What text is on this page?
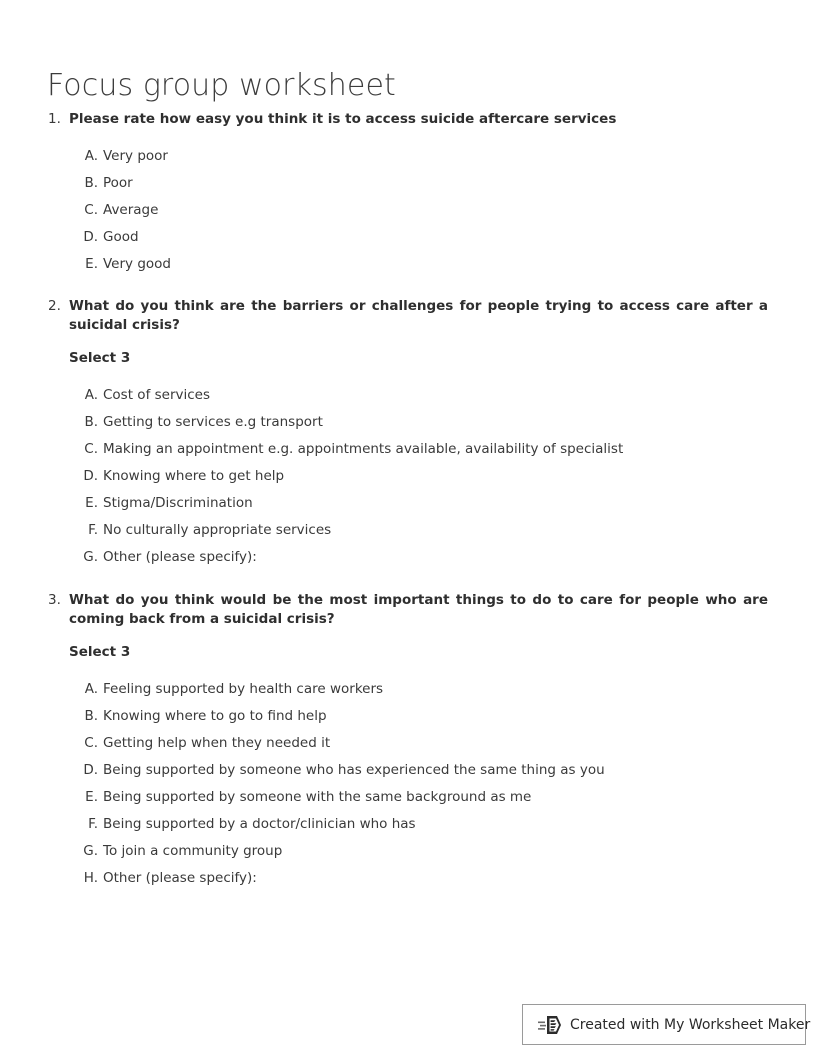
Focus group worksheet
1. Please rate how easy you think it is to access suicide aftercare services
A. Very poor
B. Poor
C. Average
D. Good
E. Very good
2. What do you think are the barriers or challenges for people trying to access care after a suicidal crisis?
Select 3
A. Cost of services
B. Getting to services e.g transport
C. Making an appointment e.g. appointments available, availability of specialist
D. Knowing where to get help
E. Stigma/Discrimination
F. No culturally appropriate services
G. Other (please specify):
3. What do you think would be the most important things to do to care for people who are coming back from a suicidal crisis?
Select 3
A. Feeling supported by health care workers
B. Knowing where to go to find help
C. Getting help when they needed it
D. Being supported by someone who has experienced the same thing as you
E. Being supported by someone with the same background as me
F. Being supported by a doctor/clinician who has
G. To join a community group
H. Other (please specify):
Created with My Worksheet Maker
